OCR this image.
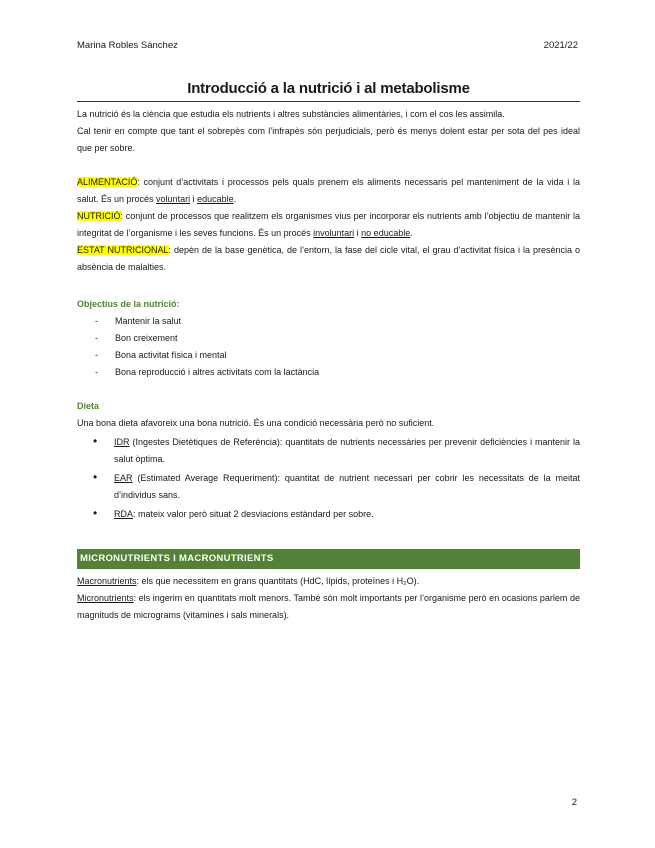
Marina Robles Sánchez	2021/22
Introducció a la nutrició i al metabolisme

La nutrició és la ciència que estudia els nutrients i altres substàncies alimentàries, i com el cos les assimila.

Cal tenir en compte que tant el sobrepès com l’infrapès són perjudicials, però és menys dolent estar per sota del pes ideal que per sobre.

ALIMENTACIÓ: conjunt d’activitats i processos pels quals prenem els aliments necessaris pel manteniment de la vida i la salut. És un procés voluntari i educable.

NUTRICIÓ: conjunt de processos que realitzem els organismes vius per incorporar els nutrients amb l’objectiu de mantenir la integritat de l’organisme i les seves funcions. És un procés involuntari i no educable.

ESTAT NUTRICIONAL: depèn de la base genètica, de l’entorn, la fase del cicle vital, el grau d’activitat física i la presència o absència de malalties.

Objectius de la nutrició:

- Mantenir la salut
- Bon creixement
- Bona activitat física i mental
- Bona reproducció i altres activitats com la lactància

Dieta

Una bona dieta afavoreix una bona nutrició. És una condició necessària però no suficient.

• IDR (Ingestes Dietètiques de Referència): quantitats de nutrients necessàries per prevenir deficiències i mantenir la salut òptima.
• EAR (Estimated Average Requeriment): quantitat de nutrient necessari per cobrir les necessitats de la meitat d’individus sans.
• RDA: mateix valor però situat 2 desviacions estàndard per sobre.
MICRONUTRIENTS I MACRONUTRIENTS

Macronutrients: els que necessitem en grans quantitats (HdC, lípids, proteïnes i H₂O).

Micronutrients: els ingerim en quantitats molt menors. També són molt importants per l’organisme però en ocasions parlem de magnituds de micrograms (vitamines i sals minerals).

2
